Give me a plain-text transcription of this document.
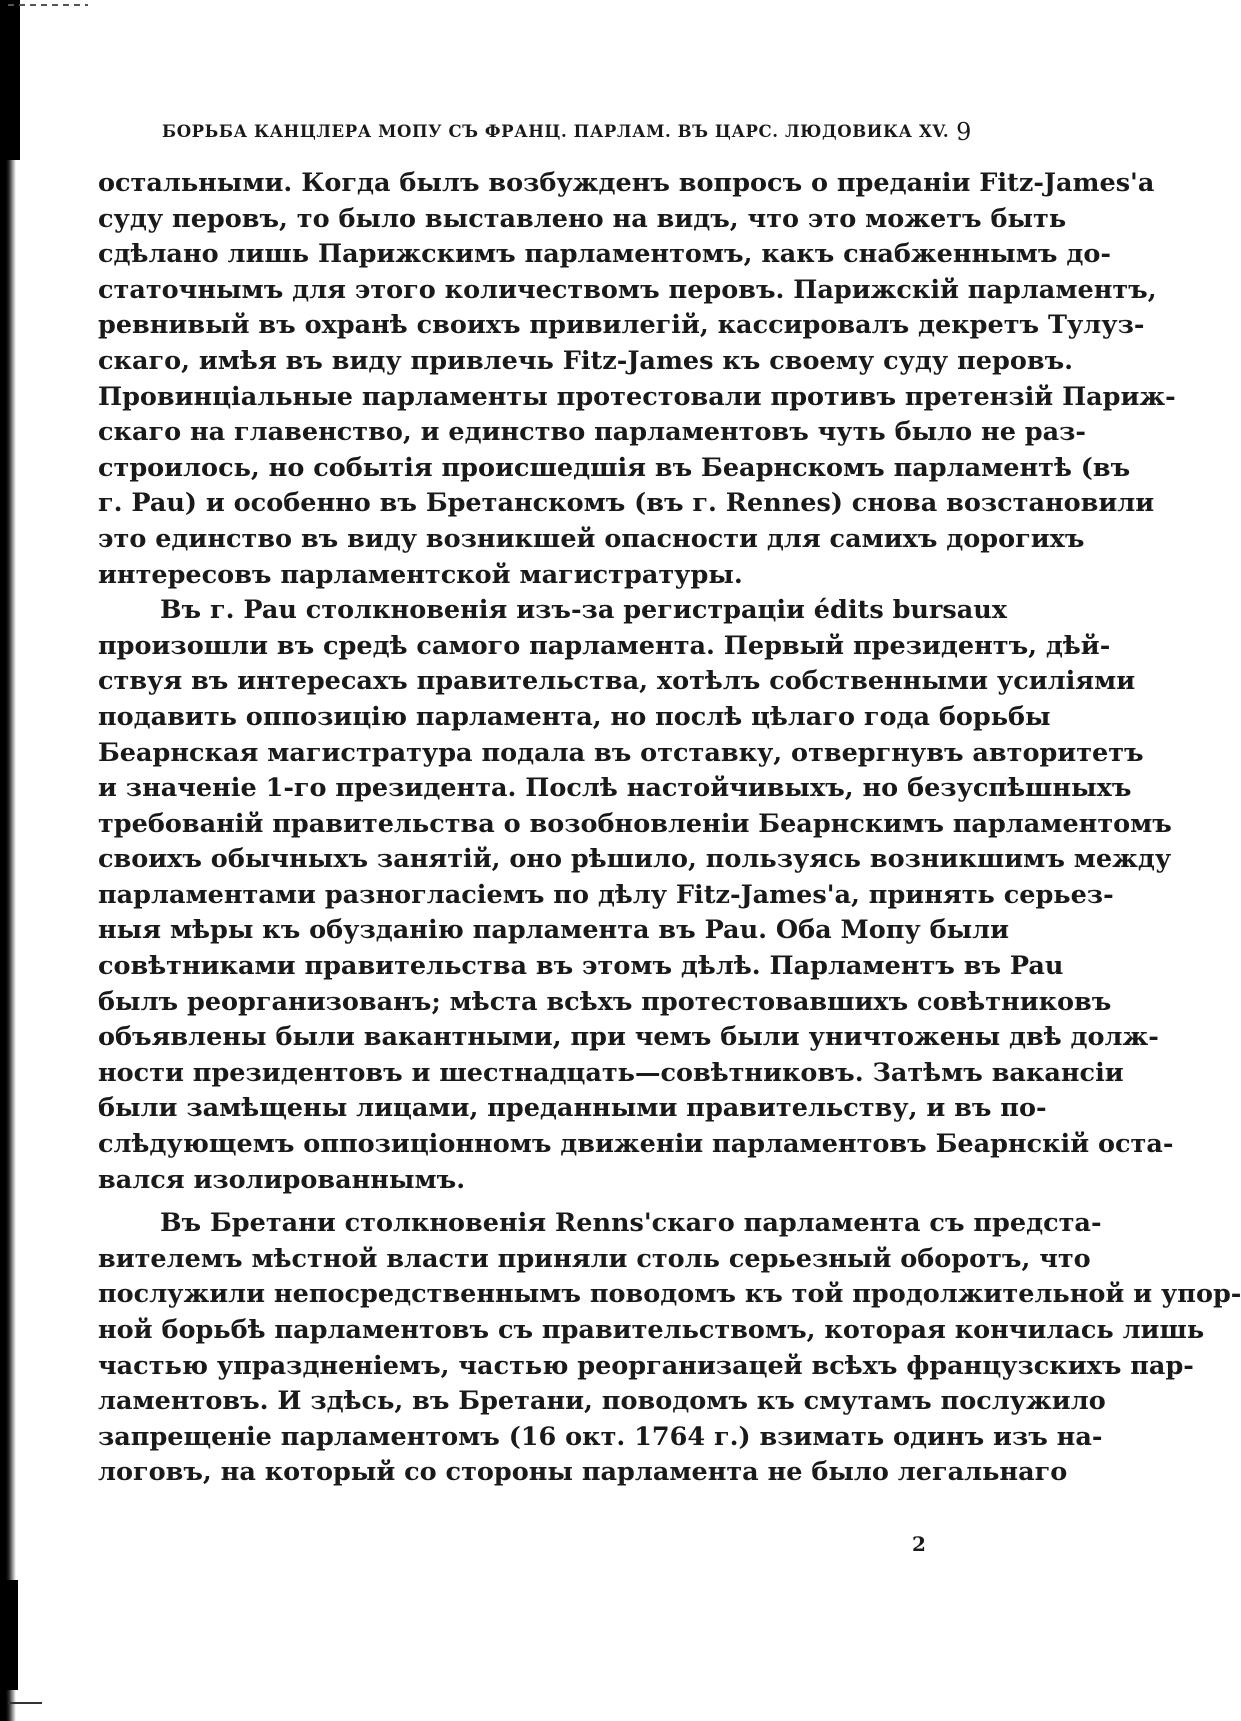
БОРЬБА КАНЦЛЕРА МОПУ СЪ ФРАНЦ. ПАРЛАМ. ВЪ ЦАРС. ЛЮДОВИКА XV. 9
остальными. Когда былъ возбужденъ вопросъ о преданіи Fitz-James'а
суду перовъ, то было выставлено на видъ, что это можетъ быть
сдѣлано лишь Парижскимъ парламентомъ, какъ снабженнымъ до-
статочнымъ для этого количествомъ перовъ. Парижскій парламентъ,
ревнивый въ охранѣ своихъ привилегій, кассировалъ декретъ Тулуз-
скаго, имѣя въ виду привлечь Fitz-James къ своему суду перовъ.
Провинціальные парламенты протестовали противъ претензій Париж-
скаго на главенство, и единство парламентовъ чуть было не раз-
строилось, но событія происшедшія въ Беарнскомъ парламентѣ (въ
г. Pau) и особенно въ Бретанскомъ (въ г. Rennes) снова возстановили
это единство въ виду возникшей опасности для самихъ дорогихъ
интересовъ парламентской магистратуры.
Въ г. Pau столкновенія изъ-за регистраціи édits bursaux
произошли въ средѣ самого парламента. Первый президентъ, дѣй-
ствуя въ интересахъ правительства, хотѣлъ собственными усиліями
подавить оппозицію парламента, но послѣ цѣлаго года борьбы
Беарнская магистратура подала въ отставку, отвергнувъ авторитетъ
и значеніе 1-го президента. Послѣ настойчивыхъ, но безуспѣшныхъ
требованій правительства о возобновленіи Беарнскимъ парламентомъ
своихъ обычныхъ занятій, оно рѣшило, пользуясь возникшимъ между
парламентами разногласіемъ по дѣлу Fitz-James'а, принять серьез-
ныя мѣры къ обузданію парламента въ Pau. Оба Мопу были
совѣтниками правительства въ этомъ дѣлѣ. Парламентъ въ Pau
былъ реорганизованъ; мѣста всѣхъ протестовавшихъ совѣтниковъ
объявлены были вакантными, при чемъ были уничтожены двѣ долж-
ности президентовъ и шестнадцать—совѣтниковъ. Затѣмъ вакансіи
были замѣщены лицами, преданными правительству, и въ по-
слѣдующемъ оппозиціонномъ движеніи парламентовъ Беарнскій оста-
вался изолированнымъ.
Въ Бретани столкновенія Renns'скаго парламента съ предста-
вителемъ мѣстной власти приняли столь серьезный оборотъ, что
послужили непосредственнымъ поводомъ къ той продолжительной и упор-
ной борьбѣ парламентовъ съ правительствомъ, которая кончилась лишь
частью упраздненіемъ, частью реорганизацей всѣхъ французскихъ пар-
ламентовъ. И здѣсь, въ Бретани, поводомъ къ смутамъ послужило
запрещеніе парламентомъ (16 окт. 1764 г.) взимать одинъ изъ на-
логовъ, на который со стороны парламента не было легальнаго
2
